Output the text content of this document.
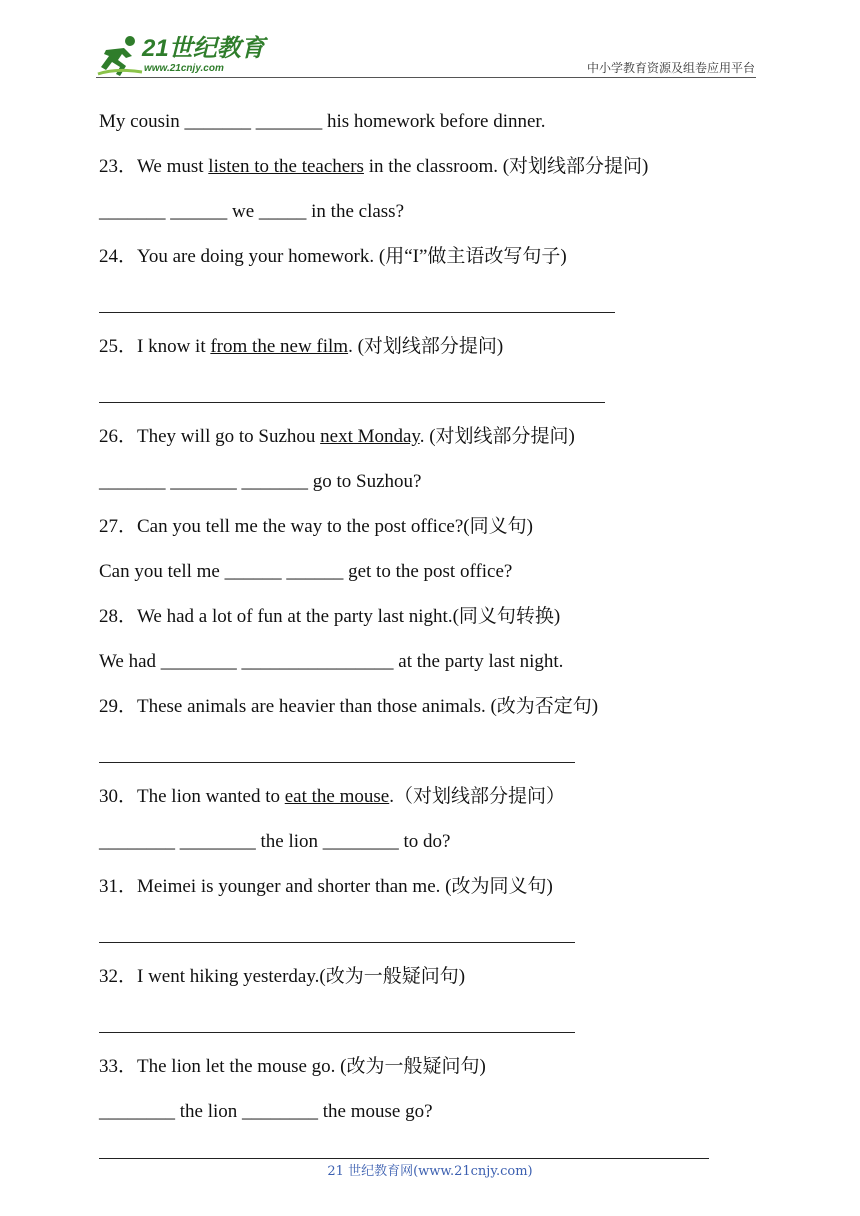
21世纪教育
www.21cnjy.com	中小学教育资源及组卷应用平台
My cousin _______ _______ his homework before dinner.
23．We must listen to the teachers in the classroom. (对划线部分提问)
_______ ______ we _____ in the class?
24．You are doing your homework. (用“I”做主语改写句子)
25．I know it from the new film. (对划线部分提问)
26．They will go to Suzhou next Monday. (对划线部分提问)
_______ _______ _______ go to Suzhou?
27．Can you tell me the way to the post office?(同义句)
Can you tell me ______ ______ get to the post office?
28．We had a lot of fun at the party last night.(同义句转换)
We had ________ ________________ at the party last night.
29．These animals are heavier than those animals. (改为否定句)
30．The lion wanted to eat the mouse.（对划线部分提问）
________ ________ the lion ________ to do?
31．Meimei is younger and shorter than me. (改为同义句)
32．I went hiking yesterday.(改为一般疑问句)
33．The lion let the mouse go. (改为一般疑问句)
________ the lion ________ the mouse go?
21 世纪教育网(www.21cnjy.com)
